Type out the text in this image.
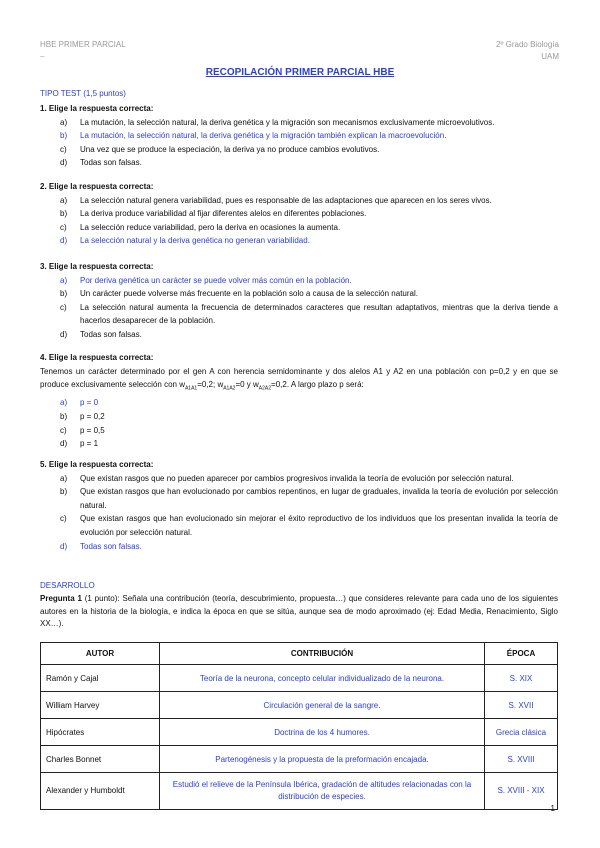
HBE PRIMER PARCIAL
–
2º Grado Biología
UAM
RECOPILACIÓN PRIMER PARCIAL HBE
TIPO TEST (1,5 puntos)
1. Elige la respuesta correcta:
a)	La mutación, la selección natural, la deriva genética y la migración son mecanismos exclusivamente microevolutivos.
b)	La mutación, la selección natural, la deriva genética y la migración también explican la macroevolución.
c)	Una vez que se produce la especiación, la deriva ya no produce cambios evolutivos.
d)	Todas son falsas.
2. Elige la respuesta correcta:
a)	La selección natural genera variabilidad, pues es responsable de las adaptaciones que aparecen en los seres vivos.
b)	La deriva produce variabilidad al fijar diferentes alelos en diferentes poblaciones.
c)	La selección reduce variabilidad, pero la deriva en ocasiones la aumenta.
d)	La selección natural y la deriva genética no generan variabilidad.
3. Elige la respuesta correcta:
a)	Por deriva genética un carácter se puede volver más común en la población.
b)	Un carácter puede volverse más frecuente en la población solo a causa de la selección natural.
c)	La selección natural aumenta la frecuencia de determinados caracteres que resultan adaptativos, mientras que la deriva tiende a hacerlos desaparecer de la población.
d)	Todas son falsas.
4. Elige la respuesta correcta:
Tenemos un carácter determinado por el gen A con herencia semidominante y dos alelos A1 y A2 en una población con p=0,2 y en que se produce exclusivamente selección con $w_{A1A1}=0,2$; $w_{A1A2}=0$ y $w_{A2A2}=0,2$. A largo plazo p será:
a)	p = 0
b)	p = 0,2
c)	p = 0,5
d)	p = 1
5. Elige la respuesta correcta:
a)	Que existan rasgos que no pueden aparecer por cambios progresivos invalida la teoría de evolución por selección natural.
b)	Que existan rasgos que han evolucionado por cambios repentinos, en lugar de graduales, invalida la teoría de evolución por selección natural.
c)	Que existan rasgos que han evolucionado sin mejorar el éxito reproductivo de los individuos que los presentan invalida la teoría de evolución por selección natural.
d)	Todas son falsas.
DESARROLLO
Pregunta 1 (1 punto): Señala una contribución (teoría, descubrimiento, propuesta…) que consideres relevante para cada uno de los siguientes autores en la historia de la biología, e indica la época en que se sitúa, aunque sea de modo aproximado (ej: Edad Media, Renacimiento, Siglo XX…).
AUTOR	CONTRIBUCIÓN	ÉPOCA
Ramón y Cajal	Teoría de la neurona, concepto celular individualizado de la neurona.	S. XIX
William Harvey	Circulación general de la sangre.	S. XVII
Hipócrates	Doctrina de los 4 humores.	Grecia clásica
Charles Bonnet	Partenogénesis y la propuesta de la preformación encajada.	S. XVIII
Alexander y Humboldt	Estudió el relieve de la Península Ibérica, gradación de altitudes relacionadas con la distribución de especies.	S. XVIII - XIX
1
